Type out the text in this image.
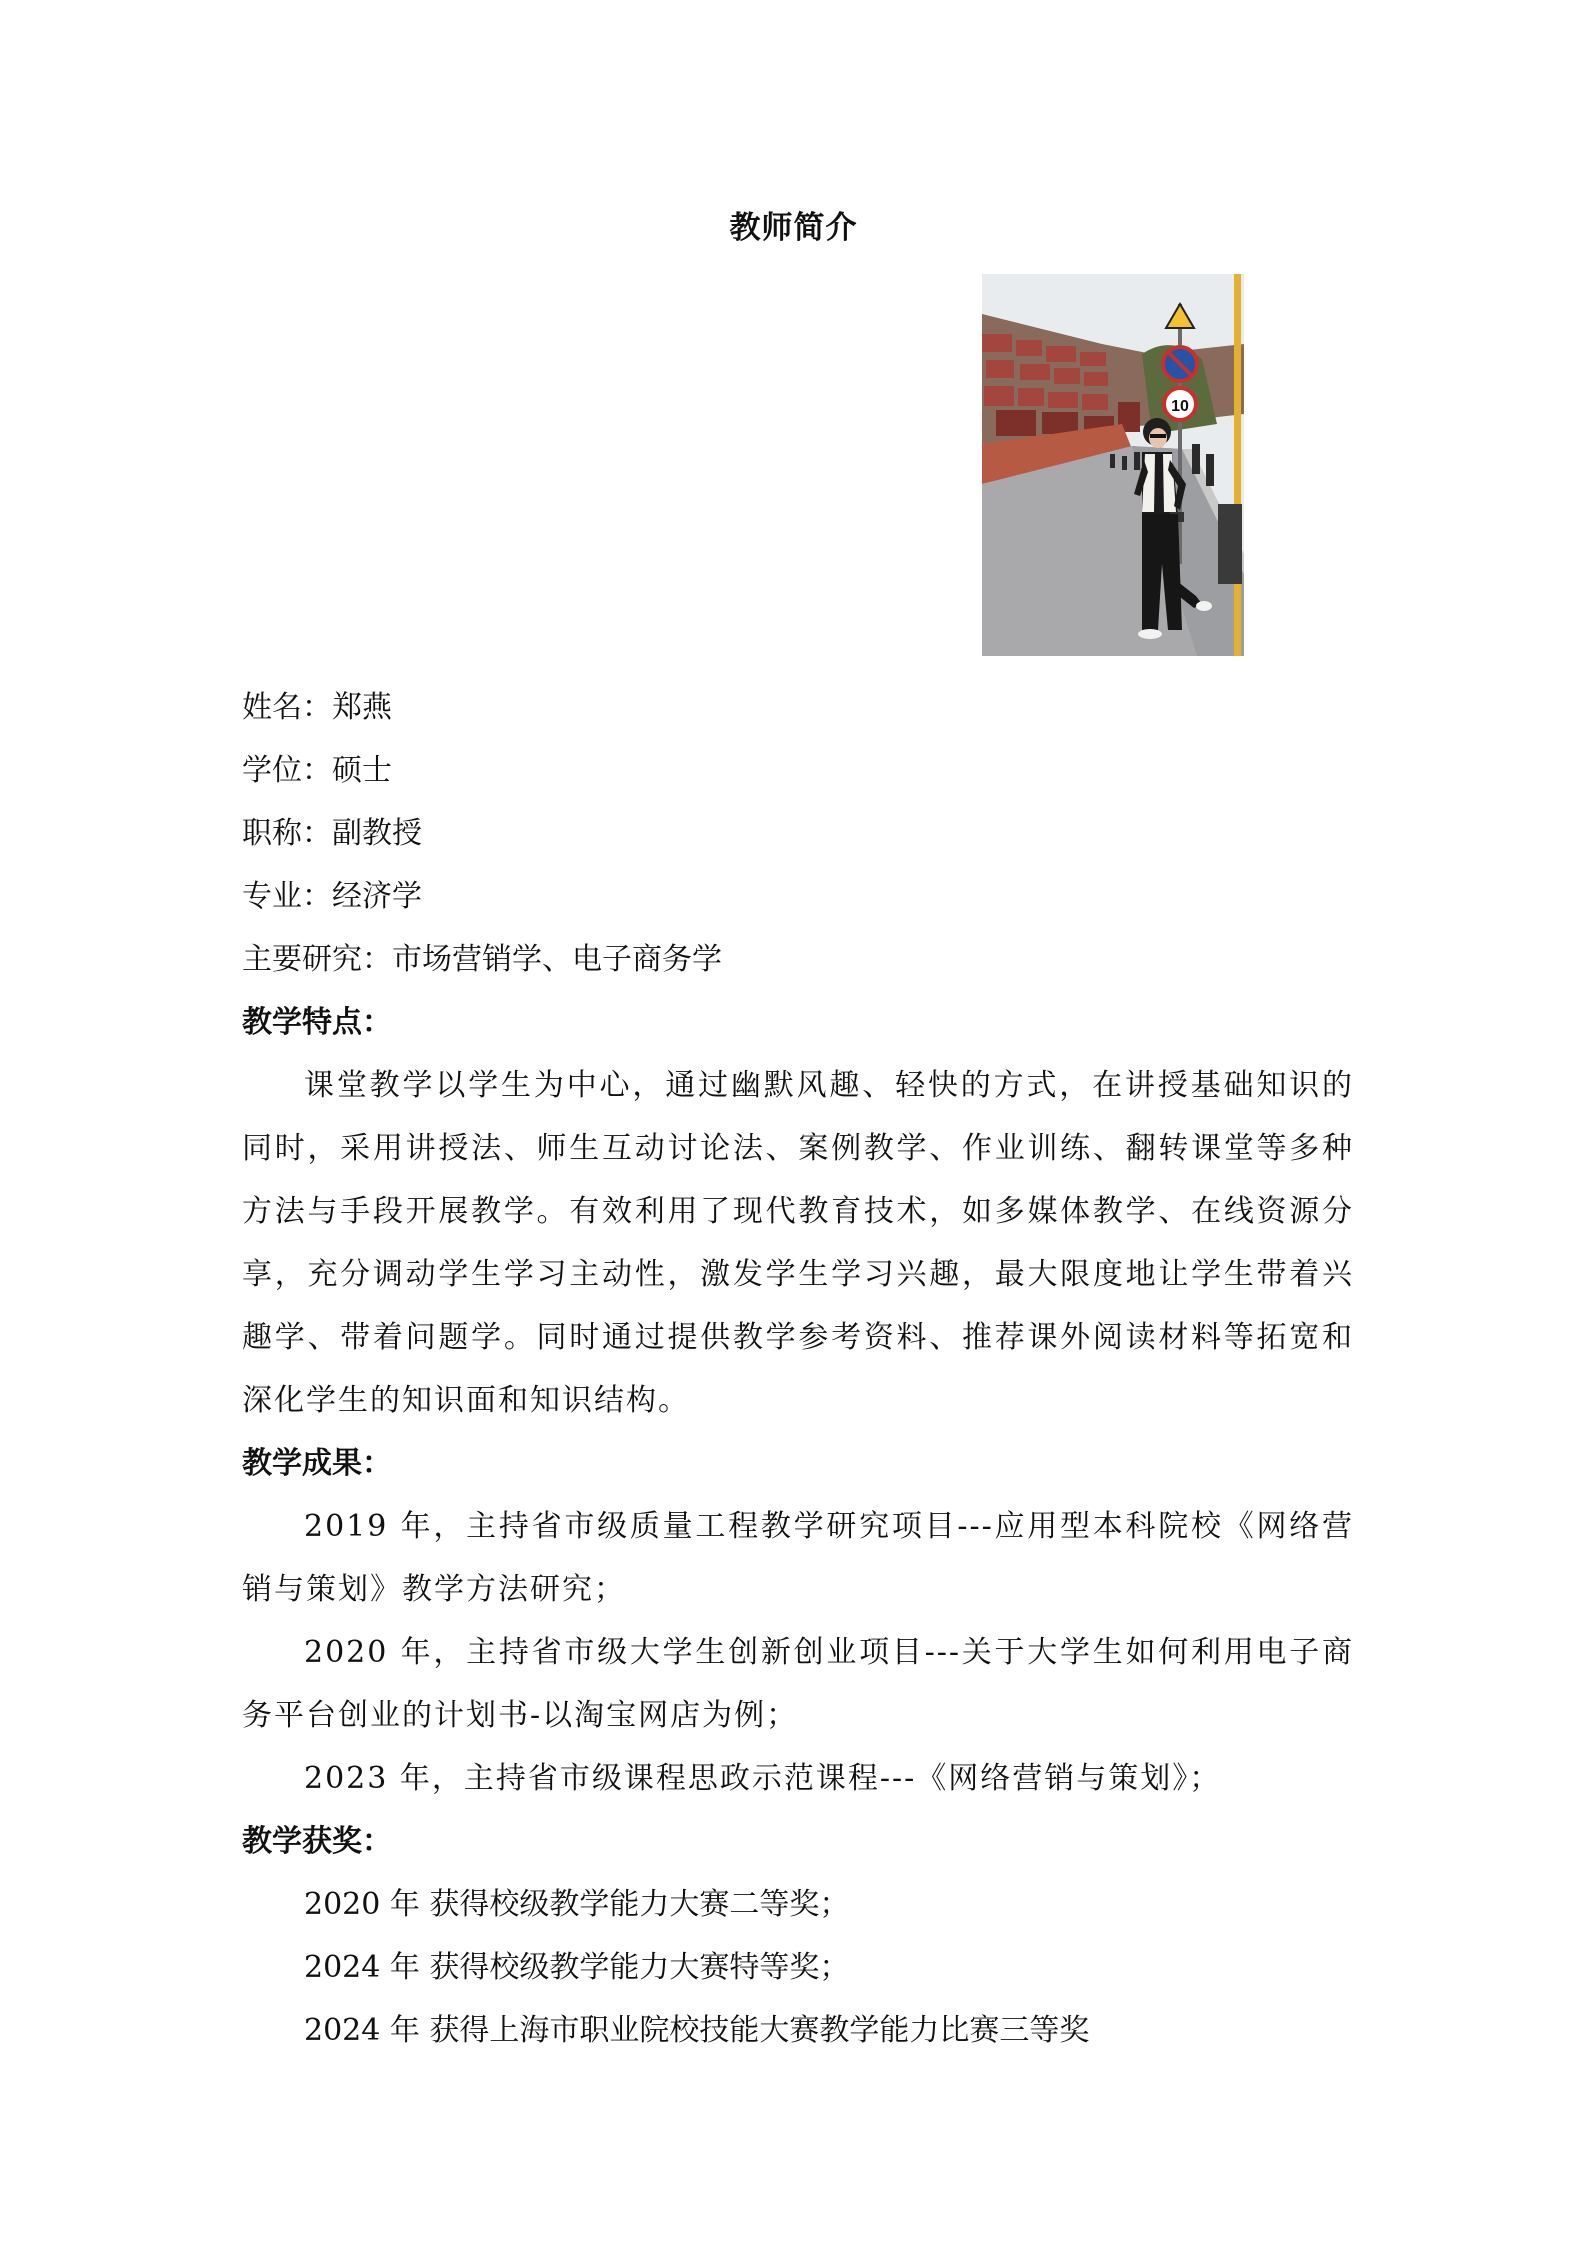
教师简介
10
姓名：郑燕
学位：硕士
职称：副教授
专业：经济学
主要研究：市场营销学、电子商务学
教学特点：
课堂教学以学生为中心，通过幽默风趣、轻快的方式，在讲授基础知识的同时，采用讲授法、师生互动讨论法、案例教学、作业训练、翻转课堂等多种方法与手段开展教学。有效利用了现代教育技术，如多媒体教学、在线资源分享，充分调动学生学习主动性，激发学生学习兴趣，最大限度地让学生带着兴趣学、带着问题学。同时通过提供教学参考资料、推荐课外阅读材料等拓宽和深化学生的知识面和知识结构。
教学成果：
2019 年，主持省市级质量工程教学研究项目---应用型本科院校《网络营销与策划》教学方法研究；
2020 年，主持省市级大学生创新创业项目---关于大学生如何利用电子商务平台创业的计划书-以淘宝网店为例；
2023 年，主持省市级课程思政示范课程---《网络营销与策划》；
教学获奖：
2020 年 获得校级教学能力大赛二等奖；
2024 年 获得校级教学能力大赛特等奖；
2024 年 获得上海市职业院校技能大赛教学能力比赛三等奖
